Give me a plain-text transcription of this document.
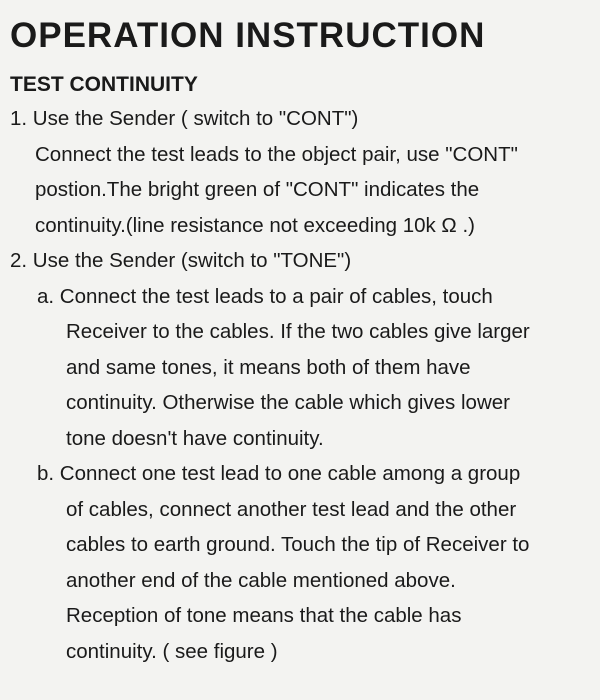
OPERATION INSTRUCTION
TEST CONTINUITY
1. Use the Sender ( switch to "CONT")
Connect the test leads to the object pair, use "CONT"
postion.The bright green of "CONT" indicates the
continuity.(line resistance not exceeding 10k Ω .)
2. Use the Sender (switch to "TONE")
a. Connect the test leads to a pair of cables, touch
Receiver to the cables. If the two cables give larger
and same tones, it means both of them have
continuity. Otherwise the cable which gives lower
tone doesn't have continuity.
b. Connect one test lead to one cable among a group
of cables, connect another test lead and the other
cables to earth ground. Touch the tip of Receiver to
another end of the cable mentioned above.
Reception of tone means that the cable has
continuity. ( see figure )
